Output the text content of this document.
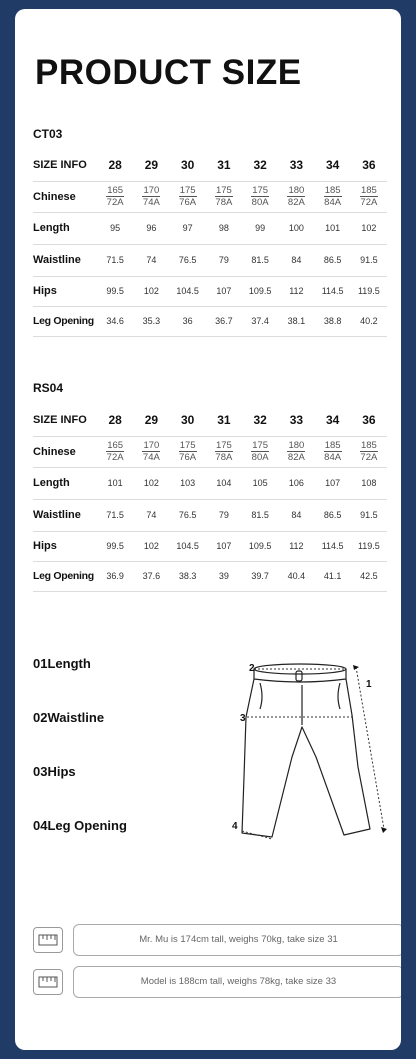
PRODUCT SIZE
CT03
SIZE INFO	28	29	30	31	32	33	34	36
Chinese	$\frac{165}{72A}$	$\frac{170}{74A}$	$\frac{175}{76A}$	$\frac{175}{78A}$	$\frac{175}{80A}$	$\frac{180}{82A}$	$\frac{185}{84A}$	$\frac{185}{72A}$

Length	95	96	97	98	99	100	101	102
Waistline	71.5	74	76.5	79	81.5	84	86.5	91.5
Hips	99.5	102	104.5	107	109.5	112	114.5	119.5
Leg Opening	34.6	35.3	36	36.7	37.4	38.1	38.8	40.2
RS04
SIZE INFO	28	29	30	31	32	33	34	36
Chinese	$\frac{165}{72A}$	$\frac{170}{74A}$	$\frac{175}{76A}$	$\frac{175}{78A}$	$\frac{175}{80A}$	$\frac{180}{82A}$	$\frac{185}{84A}$	$\frac{185}{72A}$

Length	101	102	103	104	105	106	107	108
Waistline	71.5	74	76.5	79	81.5	84	86.5	91.5
Hips	99.5	102	104.5	107	109.5	112	114.5	119.5
Leg Opening	36.9	37.6	38.3	39	39.7	40.4	41.1	42.5
01Length
02Waistline
03Hips
04Leg Opening
2
1
3
4
Mr. Mu is 174cm tall, weighs 70kg, take size 31
Model is 188cm tall, weighs 78kg, take size 33
